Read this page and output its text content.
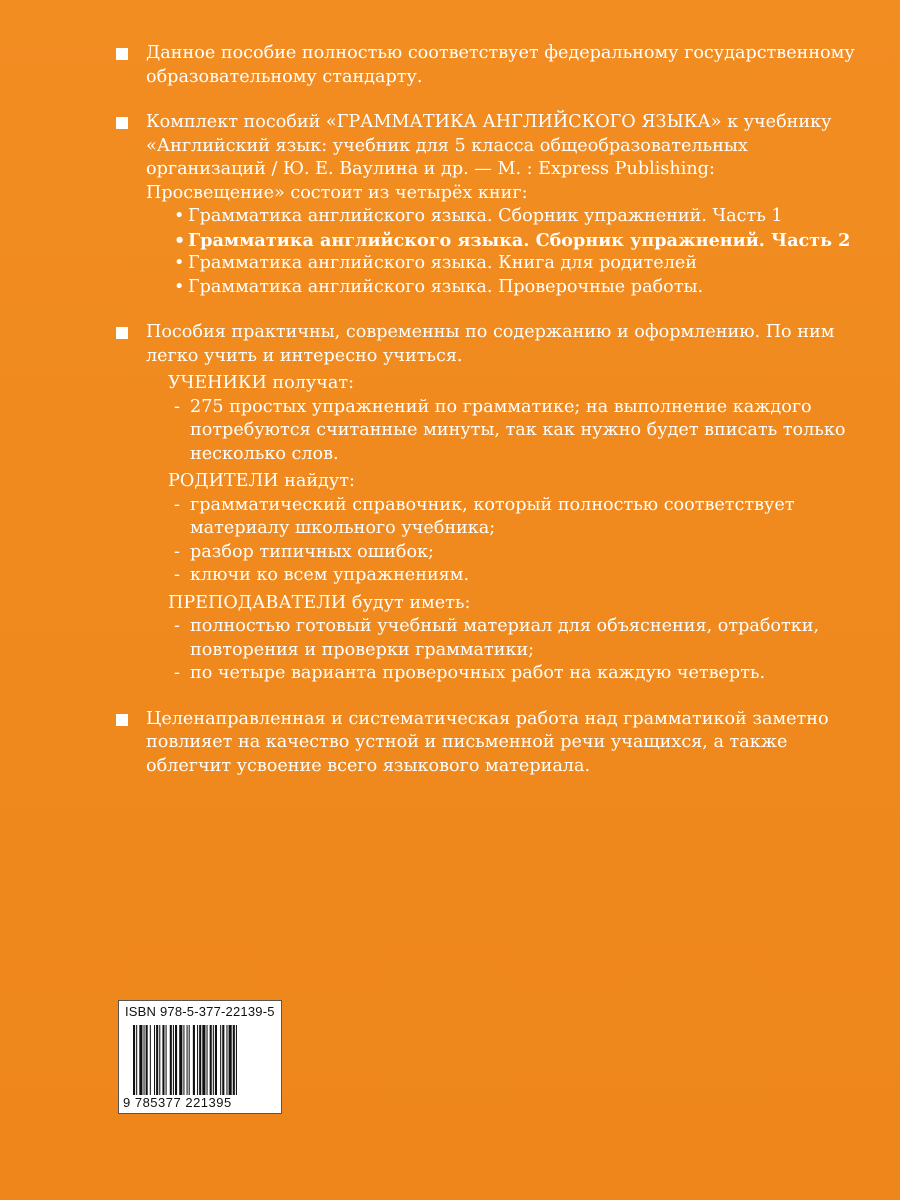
Данное пособие полностью соответствует федеральному государственному образовательному стандарту.
Комплект пособий «ГРАММАТИКА АНГЛИЙСКОГО ЯЗЫКА» к учебнику «Английский язык: учебник для 5 класса общеобразовательных организаций / Ю. Е. Ваулина и др. — М. : Express Publishing: Просвещение» состоит из четырёх книг:
• Грамматика английского языка. Сборник упражнений. Часть 1
• Грамматика английского языка. Сборник упражнений. Часть 2
• Грамматика английского языка. Книга для родителей
• Грамматика английского языка. Проверочные работы.
Пособия практичны, современны по содержанию и оформлению. По ним легко учить и интересно учиться.
УЧЕНИКИ получат:
- 275 простых упражнений по грамматике; на выполнение каждого потребуются считанные минуты, так как нужно будет вписать только несколько слов.
РОДИТЕЛИ найдут:
- грамматический справочник, который полностью соответствует материалу школьного учебника;
- разбор типичных ошибок;
- ключи ко всем упражнениям.
ПРЕПОДАВАТЕЛИ будут иметь:
- полностью готовый учебный материал для объяснения, отработки, повторения и проверки грамматики;
- по четыре варианта проверочных работ на каждую четверть.
Целенаправленная и систематическая работа над грамматикой заметно повлияет на качество устной и письменной речи учащихся, а также облегчит усвоение всего языкового материала.
ISBN 978-5-377-22139-5
9 785377 221395
